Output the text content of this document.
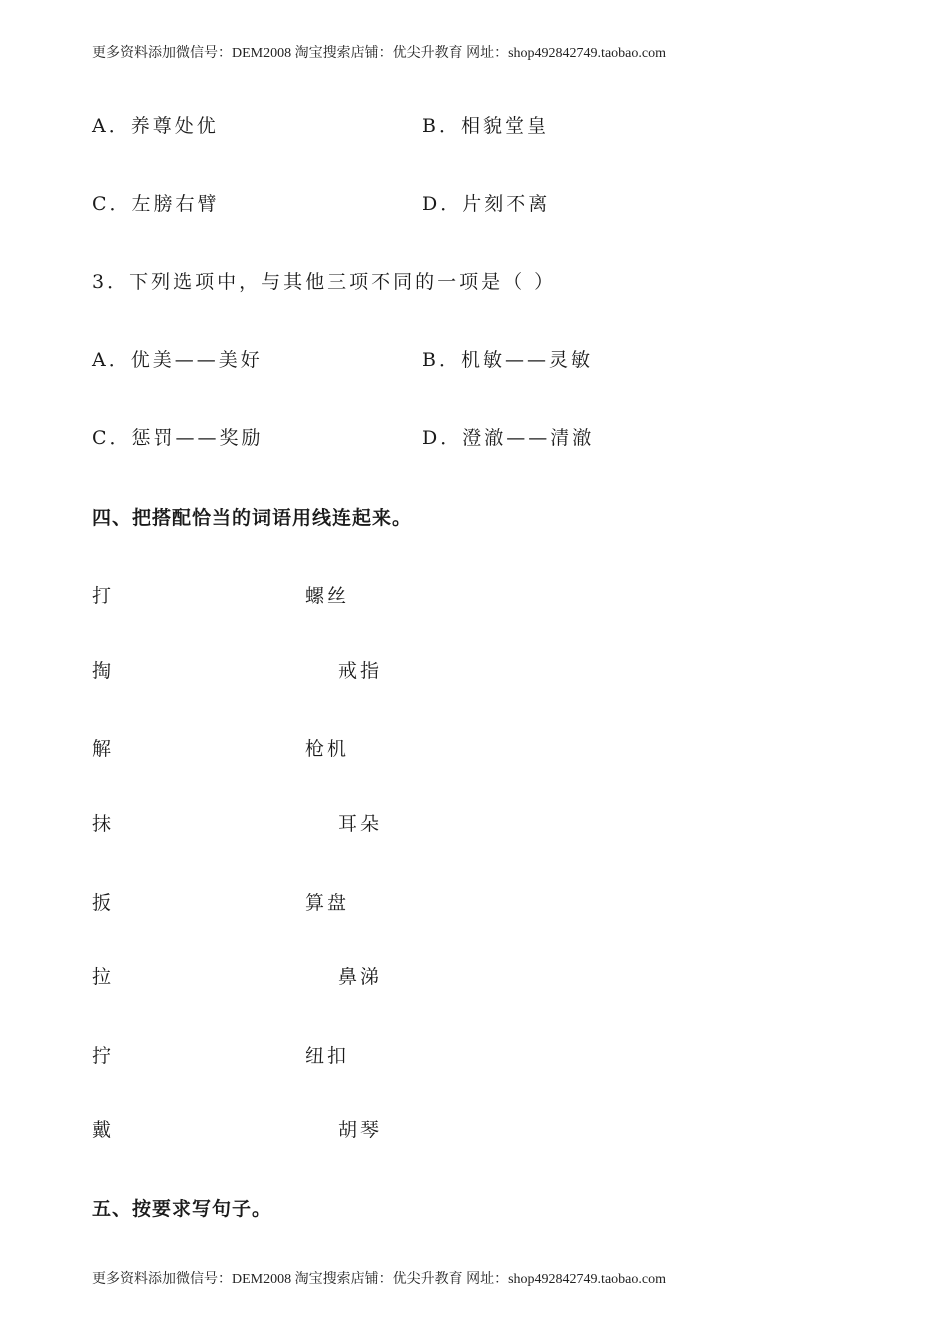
更多资料添加微信号：DEM2008 淘宝搜索店铺：优尖升教育 网址：shop492842749.taobao.com
A．养尊处优	B．相貌堂皇
C．左膀右臂	D．片刻不离
3．下列选项中，与其他三项不同的一项是（ ）
A．优美——美好	B．机敏——灵敏
C．惩罚——奖励	D．澄澈——清澈
四、把搭配恰当的词语用线连起来。
打	螺丝
掏	戒指
解	枪机
抹	耳朵
扳	算盘
拉	鼻涕
拧	纽扣
戴	胡琴
五、按要求写句子。
更多资料添加微信号：DEM2008 淘宝搜索店铺：优尖升教育 网址：shop492842749.taobao.com
